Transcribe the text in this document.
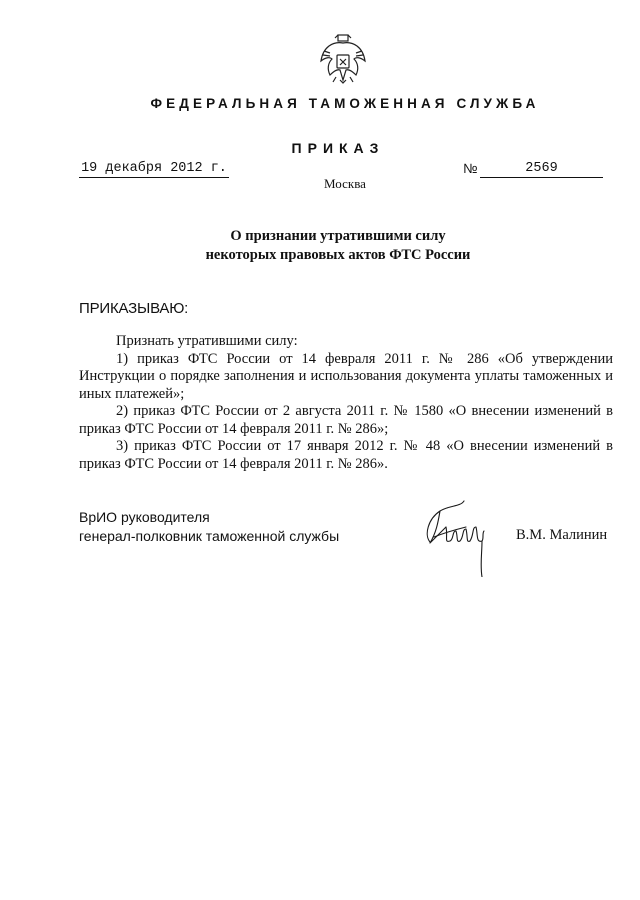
ФЕДЕРАЛЬНАЯ ТАМОЖЕННАЯ СЛУЖБА
ПРИКАЗ
19 декабря 2012 г.	№	2569
Москва
О признании утратившими силу
некоторых правовых актов ФТС России
ПРИКАЗЫВАЮ:

Признать утратившими силу:

1) приказ ФТС России от 14 февраля 2011 г. № 286 «Об утверждении Инструкции о порядке заполнения и использования документа уплаты таможенных и иных платежей»;

2) приказ ФТС России от 2 августа 2011 г. № 1580 «О внесении изменений в приказ ФТС России от 14 февраля 2011 г. № 286»;

3) приказ ФТС России от 17 января 2012 г. № 48 «О внесении изменений в приказ ФТС России от 14 февраля 2011 г. № 286».

ВрИО руководителя
генерал-полковник таможенной службы	В.М. Малинин
